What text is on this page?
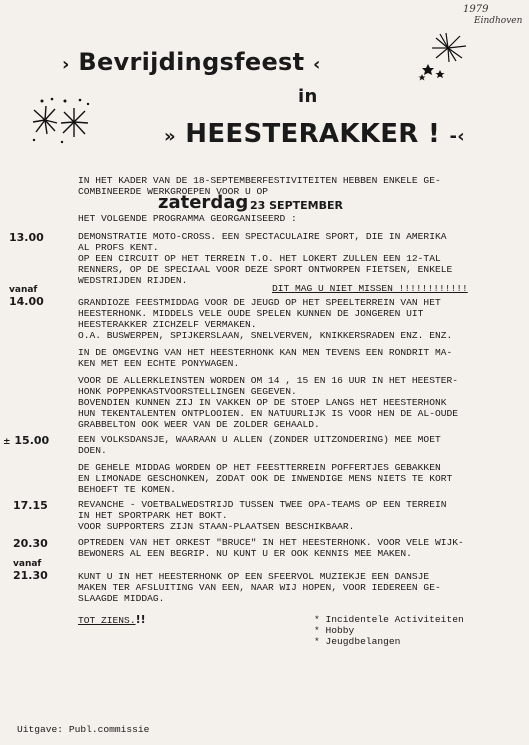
1979
Eindhoven
› Bevrijdingsfeest ‹
in
» HEESTERAKKER ! -‹
IN HET KADER VAN DE 18-SEPTEMBERFESTIVITEITEN HEBBEN ENKELE GE-
COMBINEERDE WERKGROEPEN VOOR U OP
zaterdag 23 SEPTEMBER
HET VOLGENDE PROGRAMMA GEORGANISEERD :
13.00	DEMONSTRATIE MOTO-CROSS. EEN SPECTACULAIRE SPORT, DIE IN AMERIKA
AL PROFS KENT.
OP EEN CIRCUIT OP HET TERREIN T.O. HET LOKERT ZULLEN EEN 12-TAL
RENNERS, OP DE SPECIAAL VOOR DEZE SPORT ONTWORPEN FIETSEN, ENKELE
WEDSTRIJDEN RIJDEN.
DIT MAG U NIET MISSEN !!!!!!!!!!!!
vanaf
14.00	GRANDIOZE FEESTMIDDAG VOOR DE JEUGD OP HET SPEELTERREIN VAN HET
HEESTERHONK. MIDDELS VELE OUDE SPELEN KUNNEN DE JONGEREN UIT
HEESTERAKKER ZICHZELF VERMAKEN.
O.A. BUSWERPEN, SPIJKERSLAAN, SNELVERVEN, KNIKKERSRADEN ENZ. ENZ.
IN DE OMGEVING VAN HET HEESTERHONK KAN MEN TEVENS EEN RONDRIT MA-
KEN MET EEN ECHTE PONYWAGEN.
VOOR DE ALLERKLEINSTEN WORDEN OM 14 , 15 EN 16 UUR IN HET HEESTER-
HONK POPPENKASTVOORSTELLINGEN GEGEVEN.
BOVENDIEN KUNNEN ZIJ IN VAKKEN OP DE STOEP LANGS HET HEESTERHONK
HUN TEKENTALENTEN ONTPLOOIEN. EN NATUURLIJK IS VOOR HEN DE AL-OUDE
GRABBELTON OOK WEER VAN DE ZOLDER GEHAALD.
± 15.00	EEN VOLKSDANSJE, WAARAAN U ALLEN (ZONDER UITZONDERING) MEE MOET
DOEN.
DE GEHELE MIDDAG WORDEN OP HET FEESTTERREIN POFFERTJES GEBAKKEN
EN LIMONADE GESCHONKEN, ZODAT OOK DE INWENDIGE MENS NIETS TE KORT
BEHOEFT TE KOMEN.
17.15	REVANCHE - VOETBALWEDSTRIJD TUSSEN TWEE OPA-TEAMS OP EEN TERREIN
IN HET SPORTPARK HET BOKT.
VOOR SUPPORTERS ZIJN STAAN-PLAATSEN BESCHIKBAAR.
20.30	OPTREDEN VAN HET ORKEST "BRUCE" IN HET HEESTERHONK. VOOR VELE WIJK-
BEWONERS AL EEN BEGRIP. NU KUNT U ER OOK KENNIS MEE MAKEN.
vanaf
21.30	KUNT U IN HET HEESTERHONK OP EEN SFEERVOL MUZIEKJE EEN DANSJE
MAKEN TER AFSLUITING VAN EEN, NAAR WIJ HOPEN, VOOR IEDEREEN GE-
SLAAGDE MIDDAG.
TOT ZIENS.!!	* Incidentele Activiteiten
* Hobby
* Jeugdbelangen
Uitgave: Publ.commissie
